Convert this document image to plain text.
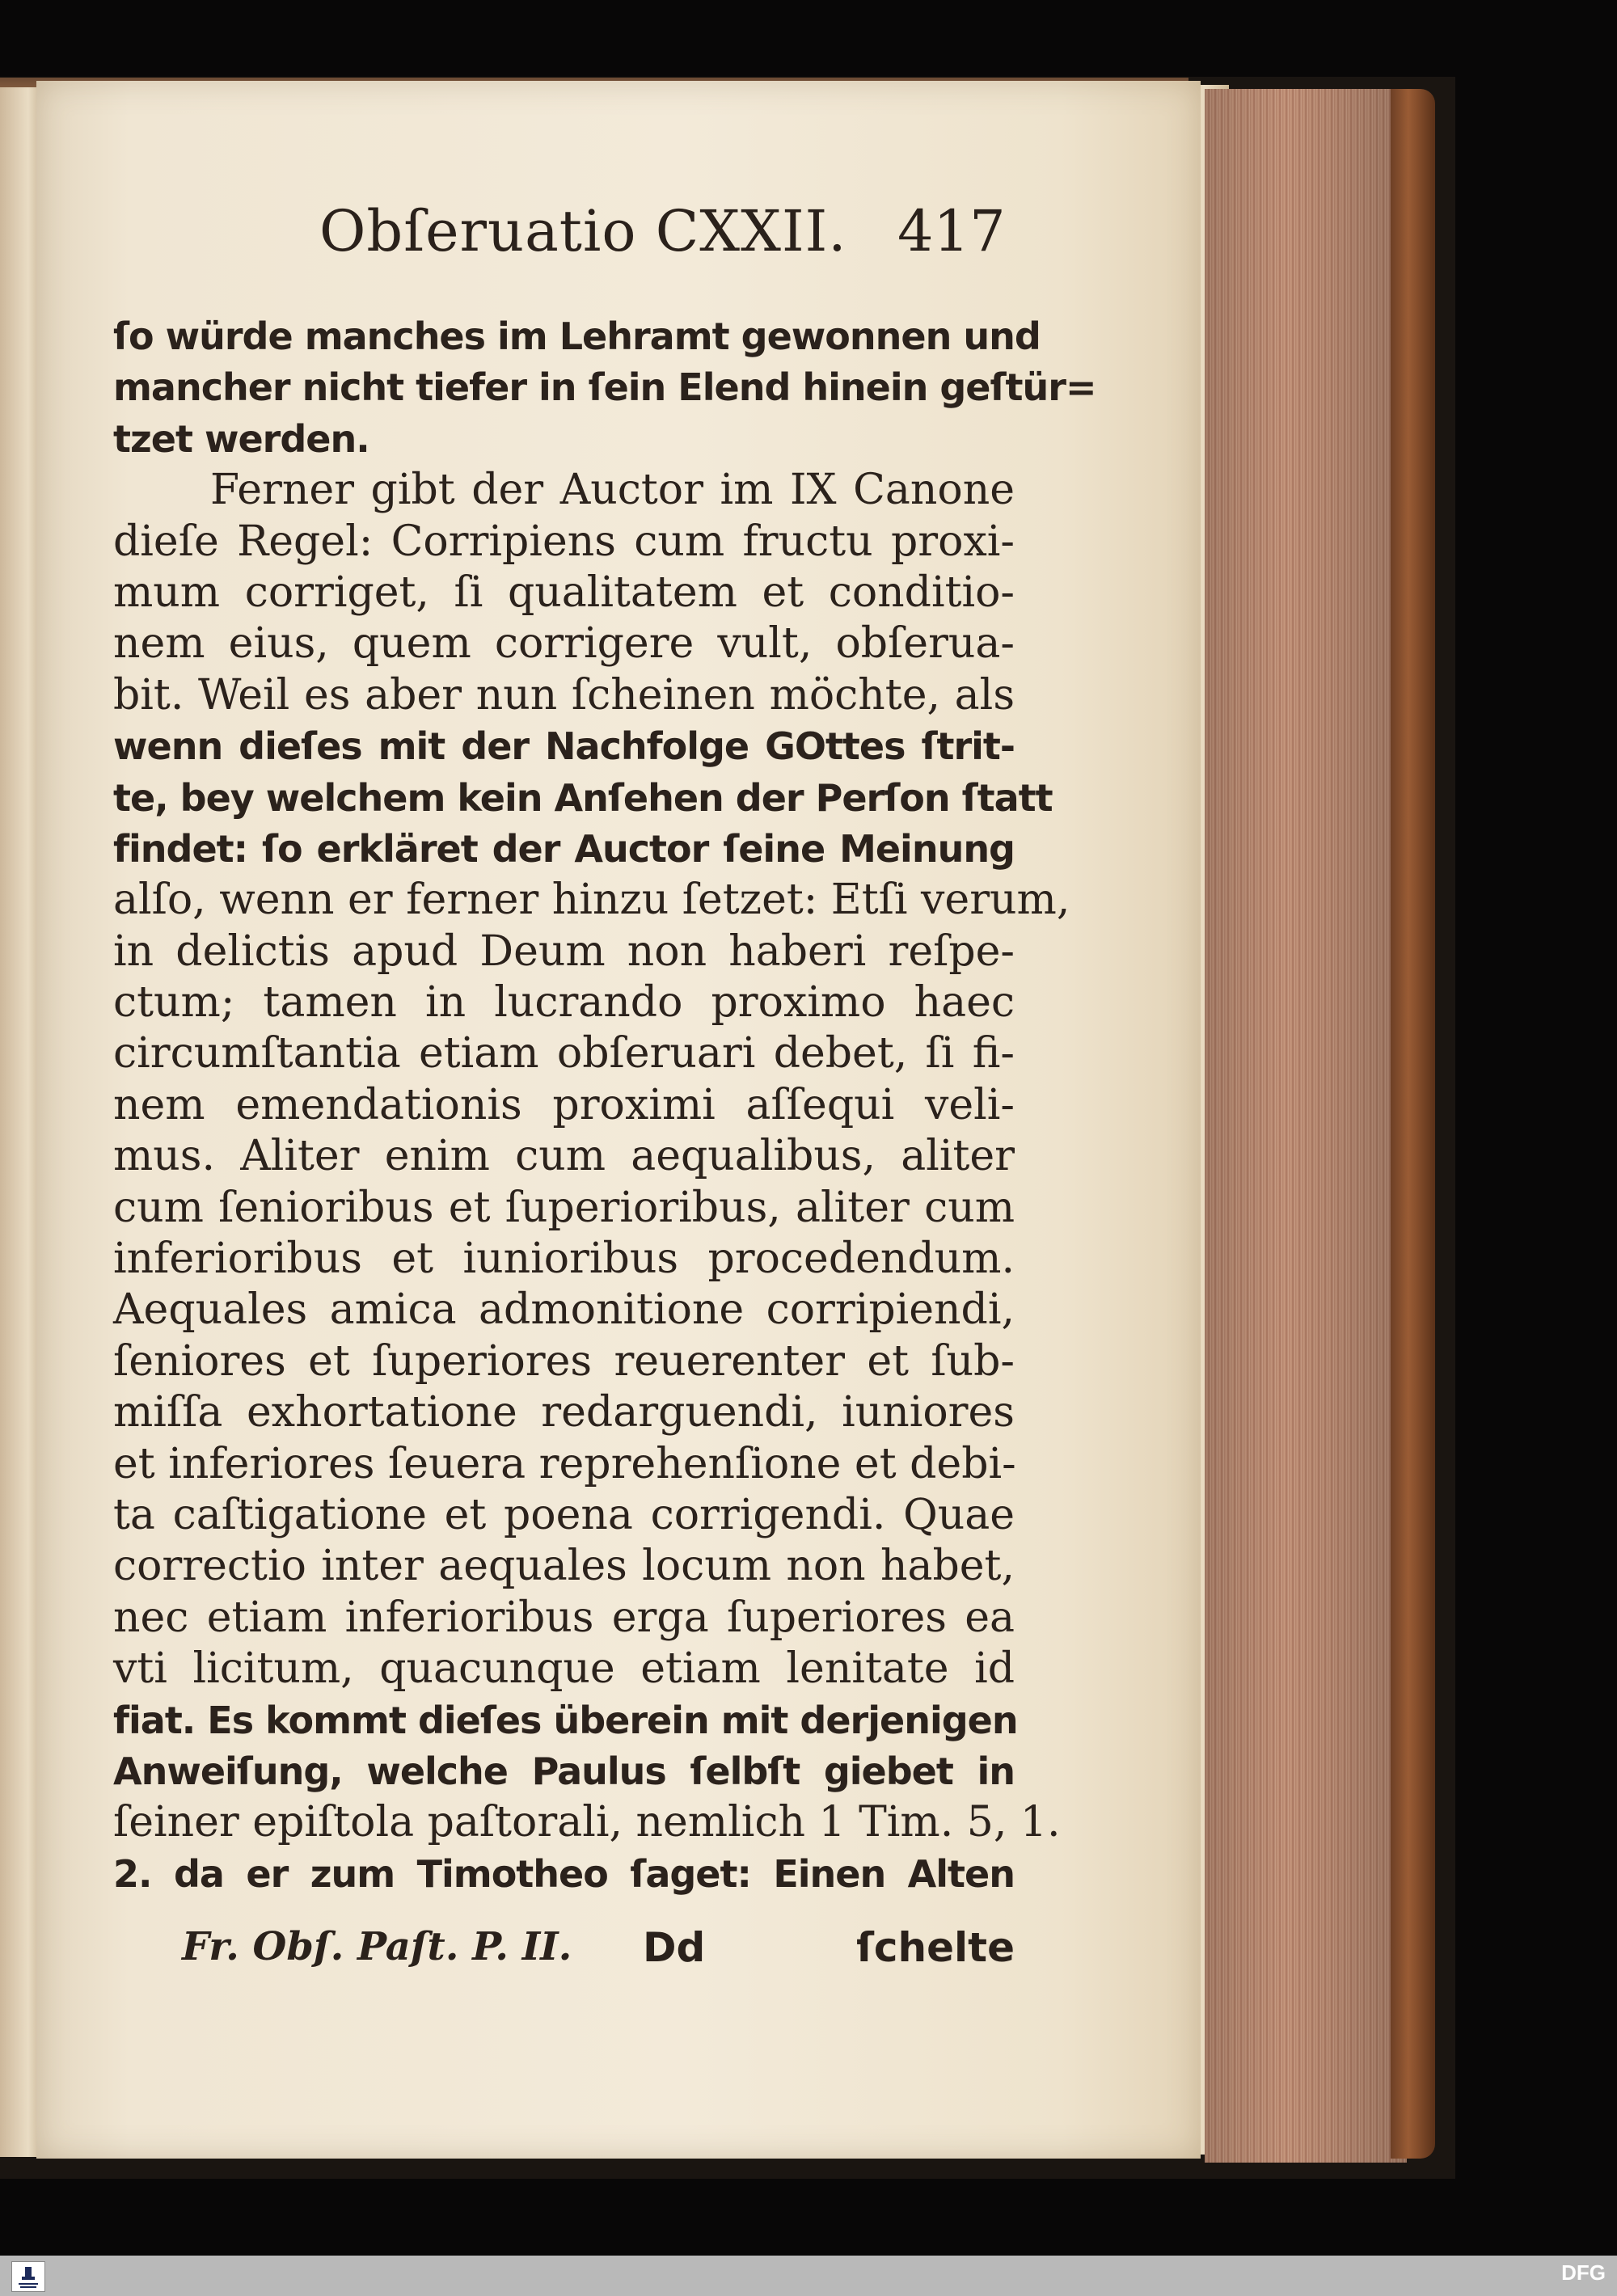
Obſeruatio CXXII. 417
ſo würde manches im Lehramt gewonnen und
mancher nicht tiefer in ſein Elend hinein geſtür=
tzet werden.
Ferner gibt der Auctor im IX Canone
dieſe Regel: Corripiens cum fructu proxi-
mum corriget, ſi qualitatem et conditio-
nem eius, quem corrigere vult, obſerua-
bit. Weil es aber nun ſcheinen möchte, als
wenn dieſes mit der Nachfolge GOttes ſtrit-
te, bey welchem kein Anſehen der Perſon ſtatt
findet: ſo erkläret der Auctor ſeine Meinung
alſo, wenn er ferner hinzu ſetzet: Etſi verum,
in delictis apud Deum non haberi reſpe-
ctum; tamen in lucrando proximo haec
circumſtantia etiam obſeruari debet, ſi fi-
nem emendationis proximi aſſequi veli-
mus. Aliter enim cum aequalibus, aliter
cum ſenioribus et ſuperioribus, aliter cum
inferioribus et iunioribus procedendum.
Aequales amica admonitione corripiendi,
ſeniores et ſuperiores reuerenter et ſub-
miſſa exhortatione redarguendi, iuniores
et inferiores ſeuera reprehenſione et debi-
ta caſtigatione et poena corrigendi. Quae
correctio inter aequales locum non habet,
nec etiam inferioribus erga ſuperiores ea
vti licitum, quacunque etiam lenitate id
fiat. Es kommt dieſes überein mit derjenigen
Anweiſung, welche Paulus ſelbſt giebet in
ſeiner epiſtola paſtorali, nemlich 1 Tim. 5, 1.
2. da er zum Timotheo ſaget: Einen Alten
Fr. Obſ. Paſt. P. II. Dd	ſchelte
DFG
